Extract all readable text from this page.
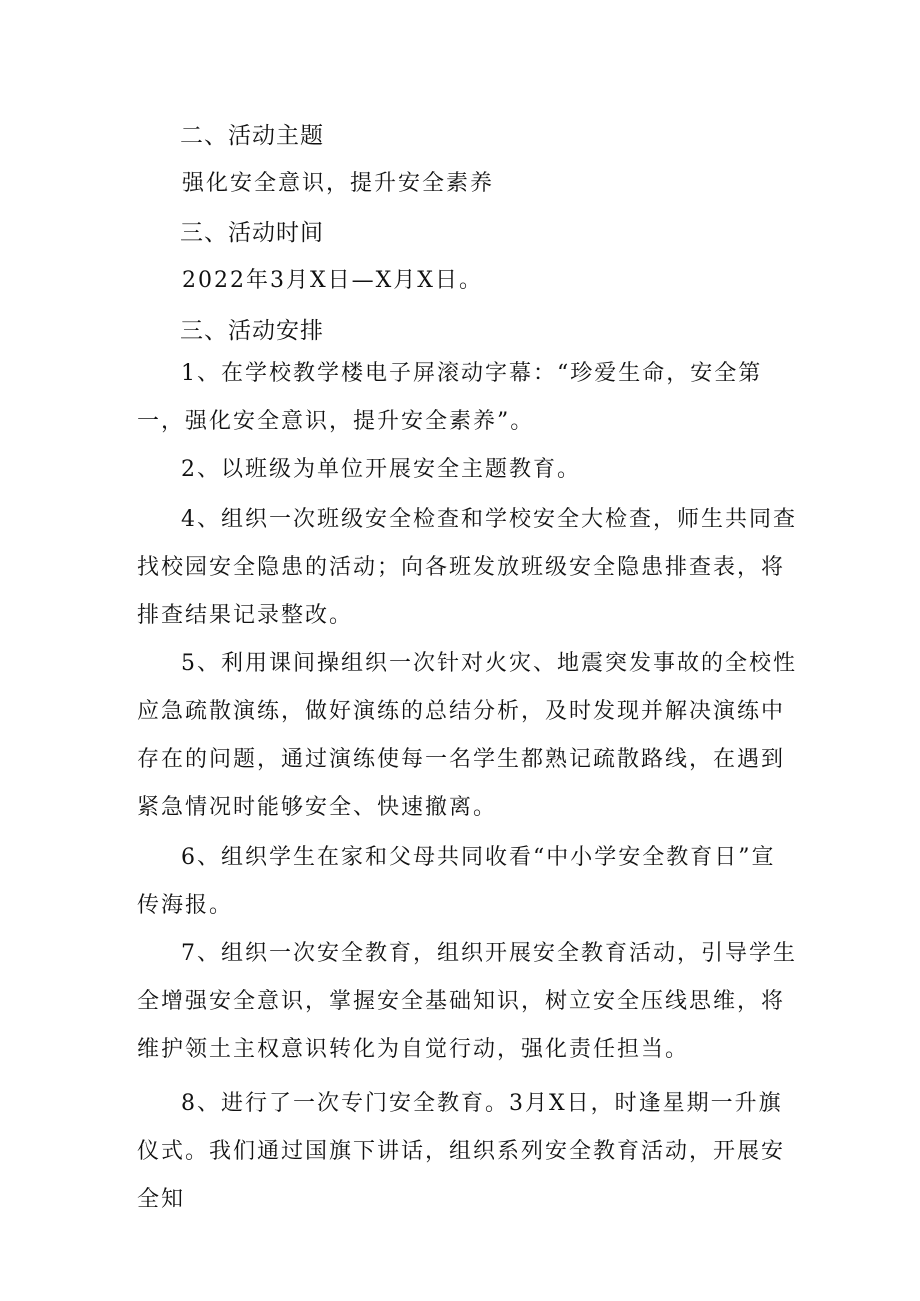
二、活动主题
强化安全意识，提升安全素养
三、活动时间
2022年3月X日—X月X日。
三、活动安排
1、在学校教学楼电子屏滚动字幕：“珍爱生命，安全第一，强化安全意识，提升安全素养”。
2、以班级为单位开展安全主题教育。
4、组织一次班级安全检查和学校安全大检查，师生共同查找校园安全隐患的活动；向各班发放班级安全隐患排查表，将排查结果记录整改。
5、利用课间操组织一次针对火灾、地震突发事故的全校性应急疏散演练，做好演练的总结分析，及时发现并解决演练中存在的问题，通过演练使每一名学生都熟记疏散路线，在遇到紧急情况时能够安全、快速撤离。
6、组织学生在家和父母共同收看“中小学安全教育日”宣传海报。
7、组织一次安全教育，组织开展安全教育活动，引导学生全增强安全意识，掌握安全基础知识，树立安全压线思维，将维护领土主权意识转化为自觉行动，强化责任担当。
8、进行了一次专门安全教育。3月X日，时逢星期一升旗仪式。我们通过国旗下讲话，组织系列安全教育活动，开展安全知
